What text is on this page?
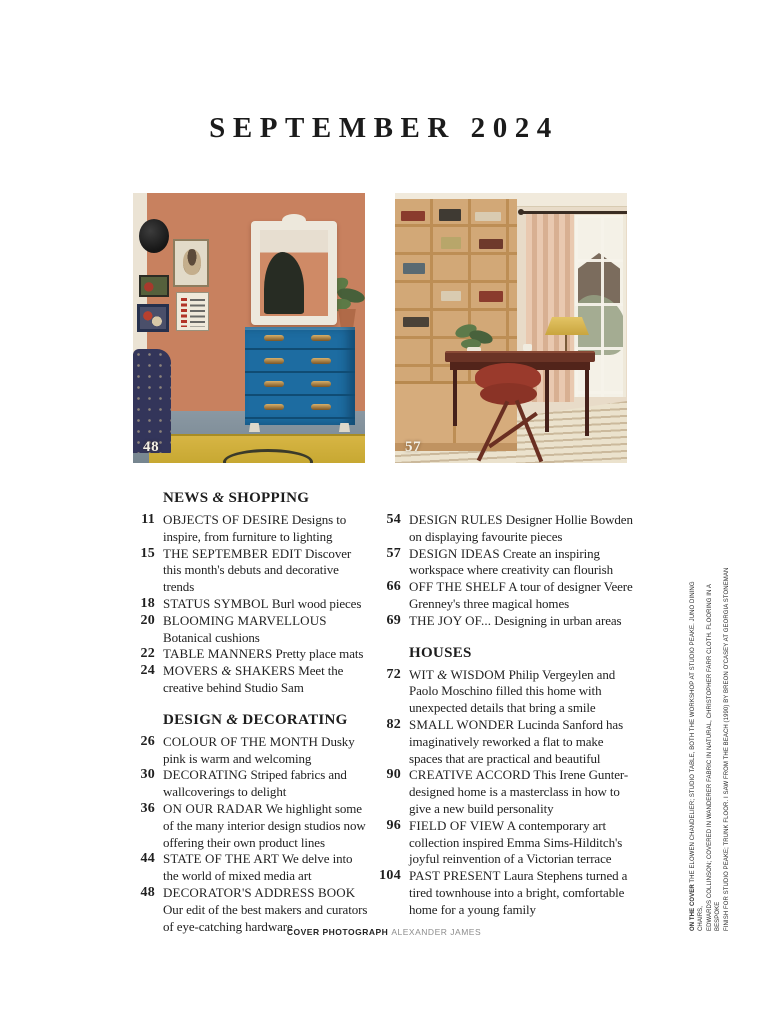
SEPTEMBER 2024
48	57
NEWS & SHOPPING
11 OBJECTS OF DESIRE Designs to inspire, from furniture to lighting
15 THE SEPTEMBER EDIT Discover this month's debuts and decorative trends
18 STATUS SYMBOL Burl wood pieces
20 BLOOMING MARVELLOUS Botanical cushions
22 TABLE MANNERS Pretty place mats
24 MOVERS & SHAKERS Meet the creative behind Studio Sam
DESIGN & DECORATING
26 COLOUR OF THE MONTH Dusky pink is warm and welcoming
30 DECORATING Striped fabrics and wallcoverings to delight
36 ON OUR RADAR We highlight some of the many interior design studios now offering their own product lines
44 STATE OF THE ART We delve into the world of mixed media art
48 DECORATOR'S ADDRESS BOOK Our edit of the best makers and curators of eye-catching hardware
54 DESIGN RULES Designer Hollie Bowden on displaying favourite pieces
57 DESIGN IDEAS Create an inspiring workspace where creativity can flourish
66 OFF THE SHELF A tour of designer Veere Grenney's three magical homes
69 THE JOY OF... Designing in urban areas
HOUSES
72 WIT & WISDOM Philip Vergeylen and Paolo Moschino filled this home with unexpected details that bring a smile
82 SMALL WONDER Lucinda Sanford has imaginatively reworked a flat to make spaces that are practical and beautiful
90 CREATIVE ACCORD This Irene Gunter-designed home is a masterclass in how to give a new build personality
96 FIELD OF VIEW A contemporary art collection inspired Emma Sims-Hilditch's joyful reinvention of a Victorian terrace
104 PAST PRESENT Laura Stephens turned a tired townhouse into a bright, comfortable home for a young family
COVER PHOTOGRAPH ALEXANDER JAMES
ON THE COVER THE ELOWEN CHANDELIER; STUDIO TABLE, BOTH THE WORKSHOP AT STUDIO PEAKE. JUNO DINING CHAIRS, EDWARDS COLLINSON; COVERED IN WANDERER FABRIC IN NATURAL, CHRISTOPHER FARR CLOTH. FLOORING IN A BESPOKE FINISH FOR STUDIO PEAKE; TRUNK FLOOR. I SAW FROM THE BEACH (1990) BY BREON O'CASEY AT GEORGIA STONEMAN
